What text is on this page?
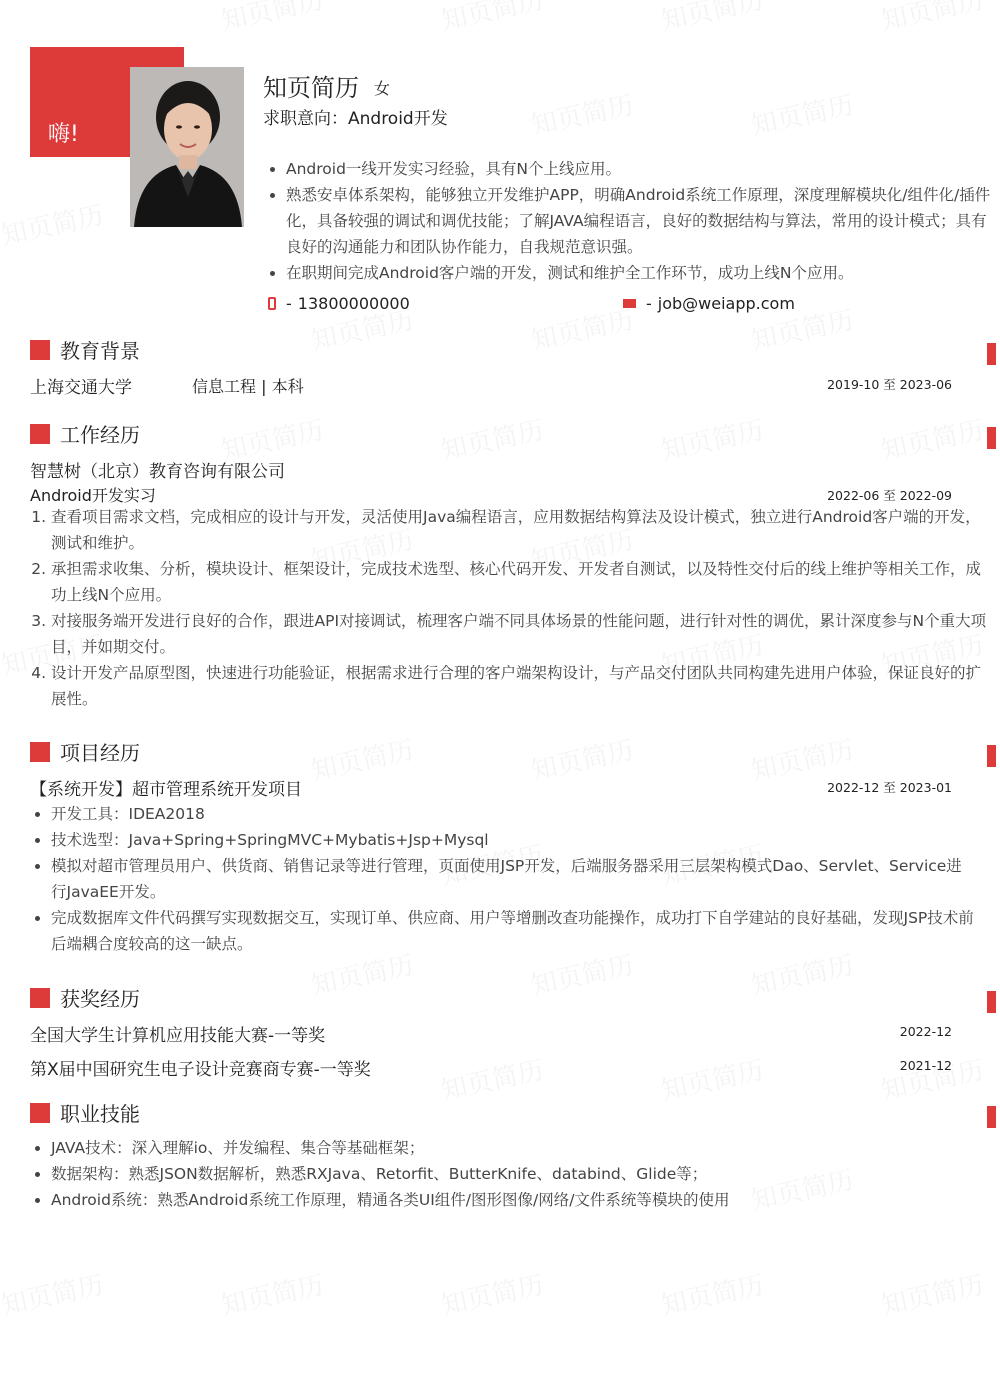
嗨!
知页简历 女
求职意向：Android开发
• Android一线开发实习经验，具有N个上线应用。
• 熟悉安卓体系架构，能够独立开发维护APP，明确Android系统工作原理，深度理解模块化/组件化/插件化，具备较强的调试和调优技能；了解JAVA编程语言，良好的数据结构与算法，常用的设计模式；具有良好的沟通能力和团队协作能力，自我规范意识强。
• 在职期间完成Android客户端的开发，测试和维护全工作环节，成功上线N个应用。
- 13800000000	- job@weiapp.com
教育背景
上海交通大学	信息工程 | 本科	2019-10 至 2023-06
工作经历
智慧树（北京）教育咨询有限公司
Android开发实习	2022-06 至 2022-09
1. 查看项目需求文档，完成相应的设计与开发，灵活使用Java编程语言，应用数据结构算法及设计模式，独立进行Android客户端的开发，测试和维护。
2. 承担需求收集、分析，模块设计、框架设计，完成技术选型、核心代码开发、开发者自测试，以及特性交付后的线上维护等相关工作，成功上线N个应用。
3. 对接服务端开发进行良好的合作，跟进API对接调试，梳理客户端不同具体场景的性能问题，进行针对性的调优，累计深度参与N个重大项目，并如期交付。
4. 设计开发产品原型图，快速进行功能验证，根据需求进行合理的客户端架构设计，与产品交付团队共同构建先进用户体验，保证良好的扩展性。
项目经历
【系统开发】超市管理系统开发项目	2022-12 至 2023-01
• 开发工具：IDEA2018
• 技术选型：Java+Spring+SpringMVC+Mybatis+Jsp+Mysql
• 模拟对超市管理员用户、供货商、销售记录等进行管理，页面使用JSP开发，后端服务器采用三层架构模式Dao、Servlet、Service进行JavaEE开发。
• 完成数据库文件代码撰写实现数据交互，实现订单、供应商、用户等增删改查功能操作，成功打下自学建站的良好基础，发现JSP技术前后端耦合度较高的这一缺点。
获奖经历
全国大学生计算机应用技能大赛-一等奖	2022-12
第X届中国研究生电子设计竞赛商专赛-一等奖	2021-12
职业技能
• JAVA技术：深入理解io、并发编程、集合等基础框架；
• 数据架构：熟悉JSON数据解析，熟悉RXJava、Retorfit、ButterKnife、databind、Glide等；
• Android系统：熟悉Android系统工作原理，精通各类UI组件/图形图像/网络/文件系统等模块的使用
